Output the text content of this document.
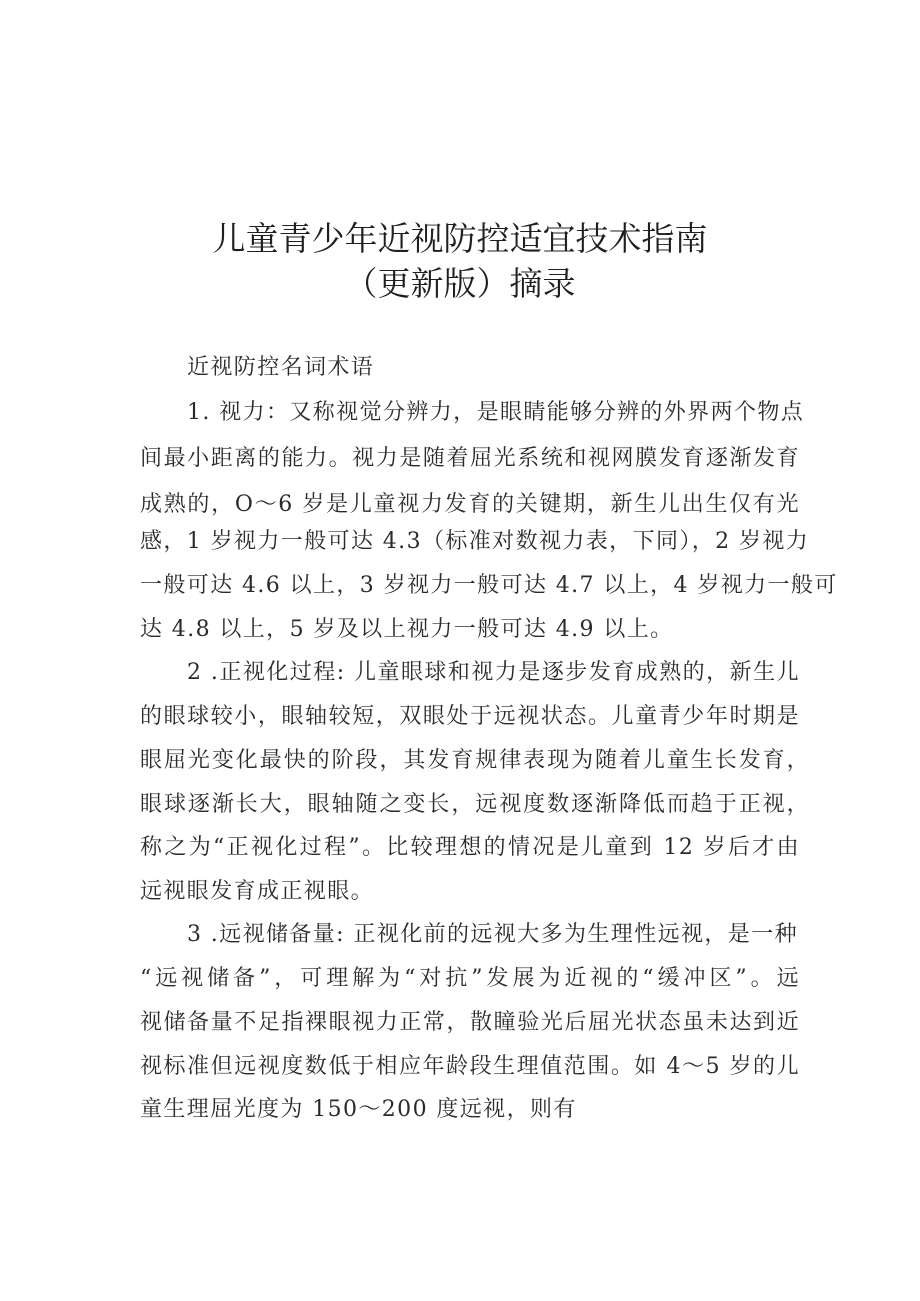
儿童青少年近视防控适宜技术指南
（更新版）摘录

近视防控名词术语

1. 视力：又称视觉分辨力，是眼睛能够分辨的外界两个物点

间最小距离的能力。视力是随着屈光系统和视网膜发育逐渐发育

成熟的，O～6 岁是儿童视力发育的关键期，新生儿出生仅有光

感，1 岁视力一般可达 4.3（标准对数视力表，下同），2 岁视力

一般可达 4.6 以上，3 岁视力一般可达 4.7 以上，4 岁视力一般可

达 4.8 以上，5 岁及以上视力一般可达 4.9 以上。

2 .正视化过程: 儿童眼球和视力是逐步发育成熟的，新生儿

的眼球较小，眼轴较短，双眼处于远视状态。儿童青少年时期是

眼屈光变化最快的阶段，其发育规律表现为随着儿童生长发育，

眼球逐渐长大，眼轴随之变长，远视度数逐渐降低而趋于正视，

称之为“正视化过程”。比较理想的情况是儿童到 12 岁后才由

远视眼发育成正视眼。

3 .远视储备量: 正视化前的远视大多为生理性远视，是一种

“远视储备”，可理解为“对抗”发展为近视的“缓冲区”。远

视储备量不足指裸眼视力正常，散瞳验光后屈光状态虽未达到近

视标准但远视度数低于相应年龄段生理值范围。如 4～5 岁的儿

童生理屈光度为 150～200 度远视，则有
